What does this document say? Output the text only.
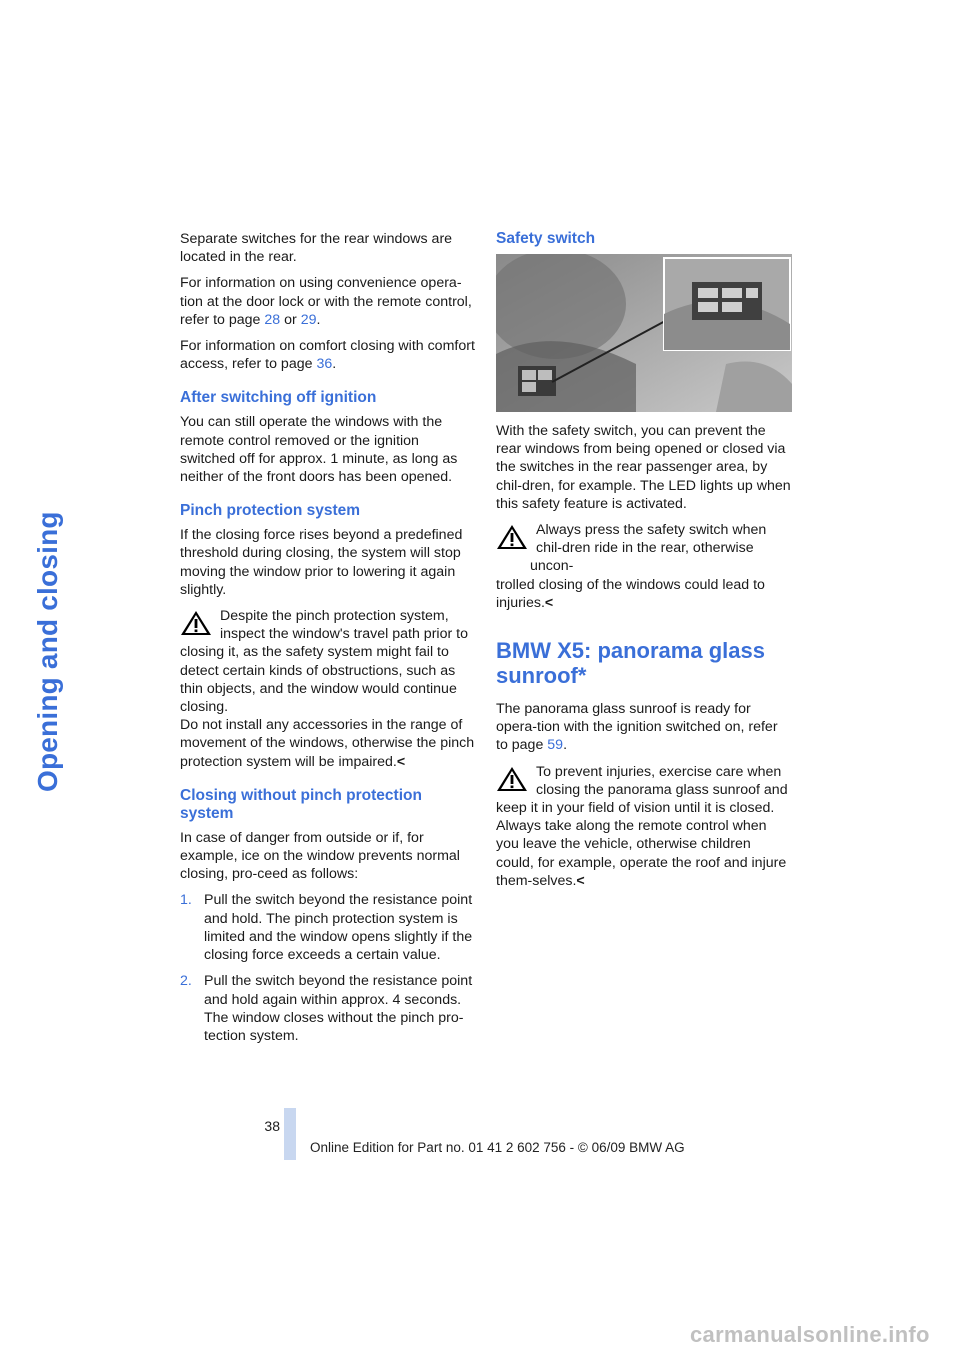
Opening and closing

Separate switches for the rear windows are located in the rear.

For information on using convenience opera-tion at the door lock or with the remote control, refer to page 28 or 29.

For information on comfort closing with comfort access, refer to page 36.

After switching off ignition

You can still operate the windows with the remote control removed or the ignition switched off for approx. 1 minute, as long as neither of the front doors has been opened.

Pinch protection system

If the closing force rises beyond a predefined threshold during closing, the system will stop moving the window prior to lowering it again slightly.

Despite the pinch protection system, inspect the window's travel path prior to
closing it, as the safety system might fail to detect certain kinds of obstructions, such as thin objects, and the window would continue closing.
Do not install any accessories in the range of movement of the windows, otherwise the pinch protection system will be impaired.<
Closing without pinch protection system

In case of danger from outside or if, for example, ice on the window prevents normal closing, pro-ceed as follows:

1. Pull the switch beyond the resistance point and hold. The pinch protection system is limited and the window opens slightly if the closing force exceeds a certain value.
2. Pull the switch beyond the resistance point and hold again within approx. 4 seconds. The window closes without the pinch pro-tection system.
Safety switch

With the safety switch, you can prevent the rear windows from being opened or closed via the switches in the rear passenger area, by chil-dren, for example. The LED lights up when this safety feature is activated.

Always press the safety switch when chil-dren ride in the rear, otherwise uncon-
trolled closing of the windows could lead to injuries.<
BMW X5: panorama glass sunroof*

The panorama glass sunroof is ready for opera-tion with the ignition switched on, refer to page 59.

To prevent injuries, exercise care when closing the panorama glass sunroof and
keep it in your field of vision until it is closed. Always take along the remote control when you leave the vehicle, otherwise children could, for example, operate the roof and injure them-selves.<
38
Online Edition for Part no. 01 41 2 602 756 - © 06/09 BMW AG
carmanualsonline.info
